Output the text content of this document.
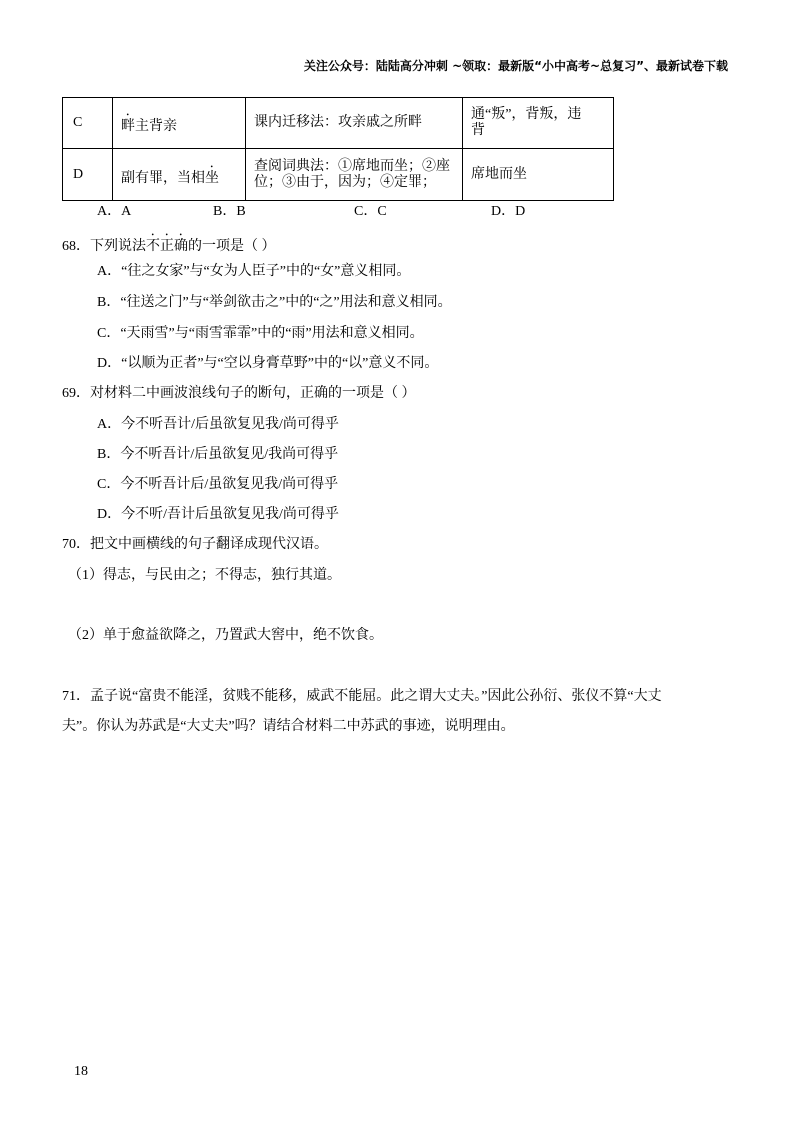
关注公众号：陆陆高分冲刺 ~领取：最新版“小中高考~总复习”、最新试卷下载
C	畔主背亲	课内迁移法：攻亲戚之所畔	通“叛”，背叛，违
背

D	副有罪，当相坐	查阅词典法：①席地而坐；②座
位；③由于，因为；④定罪；	席地而坐
A．A	B．B	C．C	D．D
68．下列说法不正确的一项是（ ）
A．“往之女家”与“女为人臣子”中的“女”意义相同。
B．“往送之门”与“举剑欲击之”中的“之”用法和意义相同。
C．“天雨雪”与“雨雪霏霏”中的“雨”用法和意义相同。
D．“以顺为正者”与“空以身膏草野”中的“以”意义不同。
69．对材料二中画波浪线句子的断句，正确的一项是（ ）
A．今不听吾计/后虽欲复见我/尚可得乎
B．今不听吾计/后虽欲复见/我尚可得乎
C．今不听吾计后/虽欲复见我/尚可得乎
D．今不听/吾计后虽欲复见我/尚可得乎
70．把文中画横线的句子翻译成现代汉语。
（1）得志，与民由之；不得志，独行其道。
（2）单于愈益欲降之，乃置武大窖中，绝不饮食。
71．孟子说“富贵不能淫，贫贱不能移，威武不能屈。此之谓大丈夫。”因此公孙衍、张仪不算“大丈
夫”。你认为苏武是“大丈夫”吗？请结合材料二中苏武的事迹，说明理由。
18
